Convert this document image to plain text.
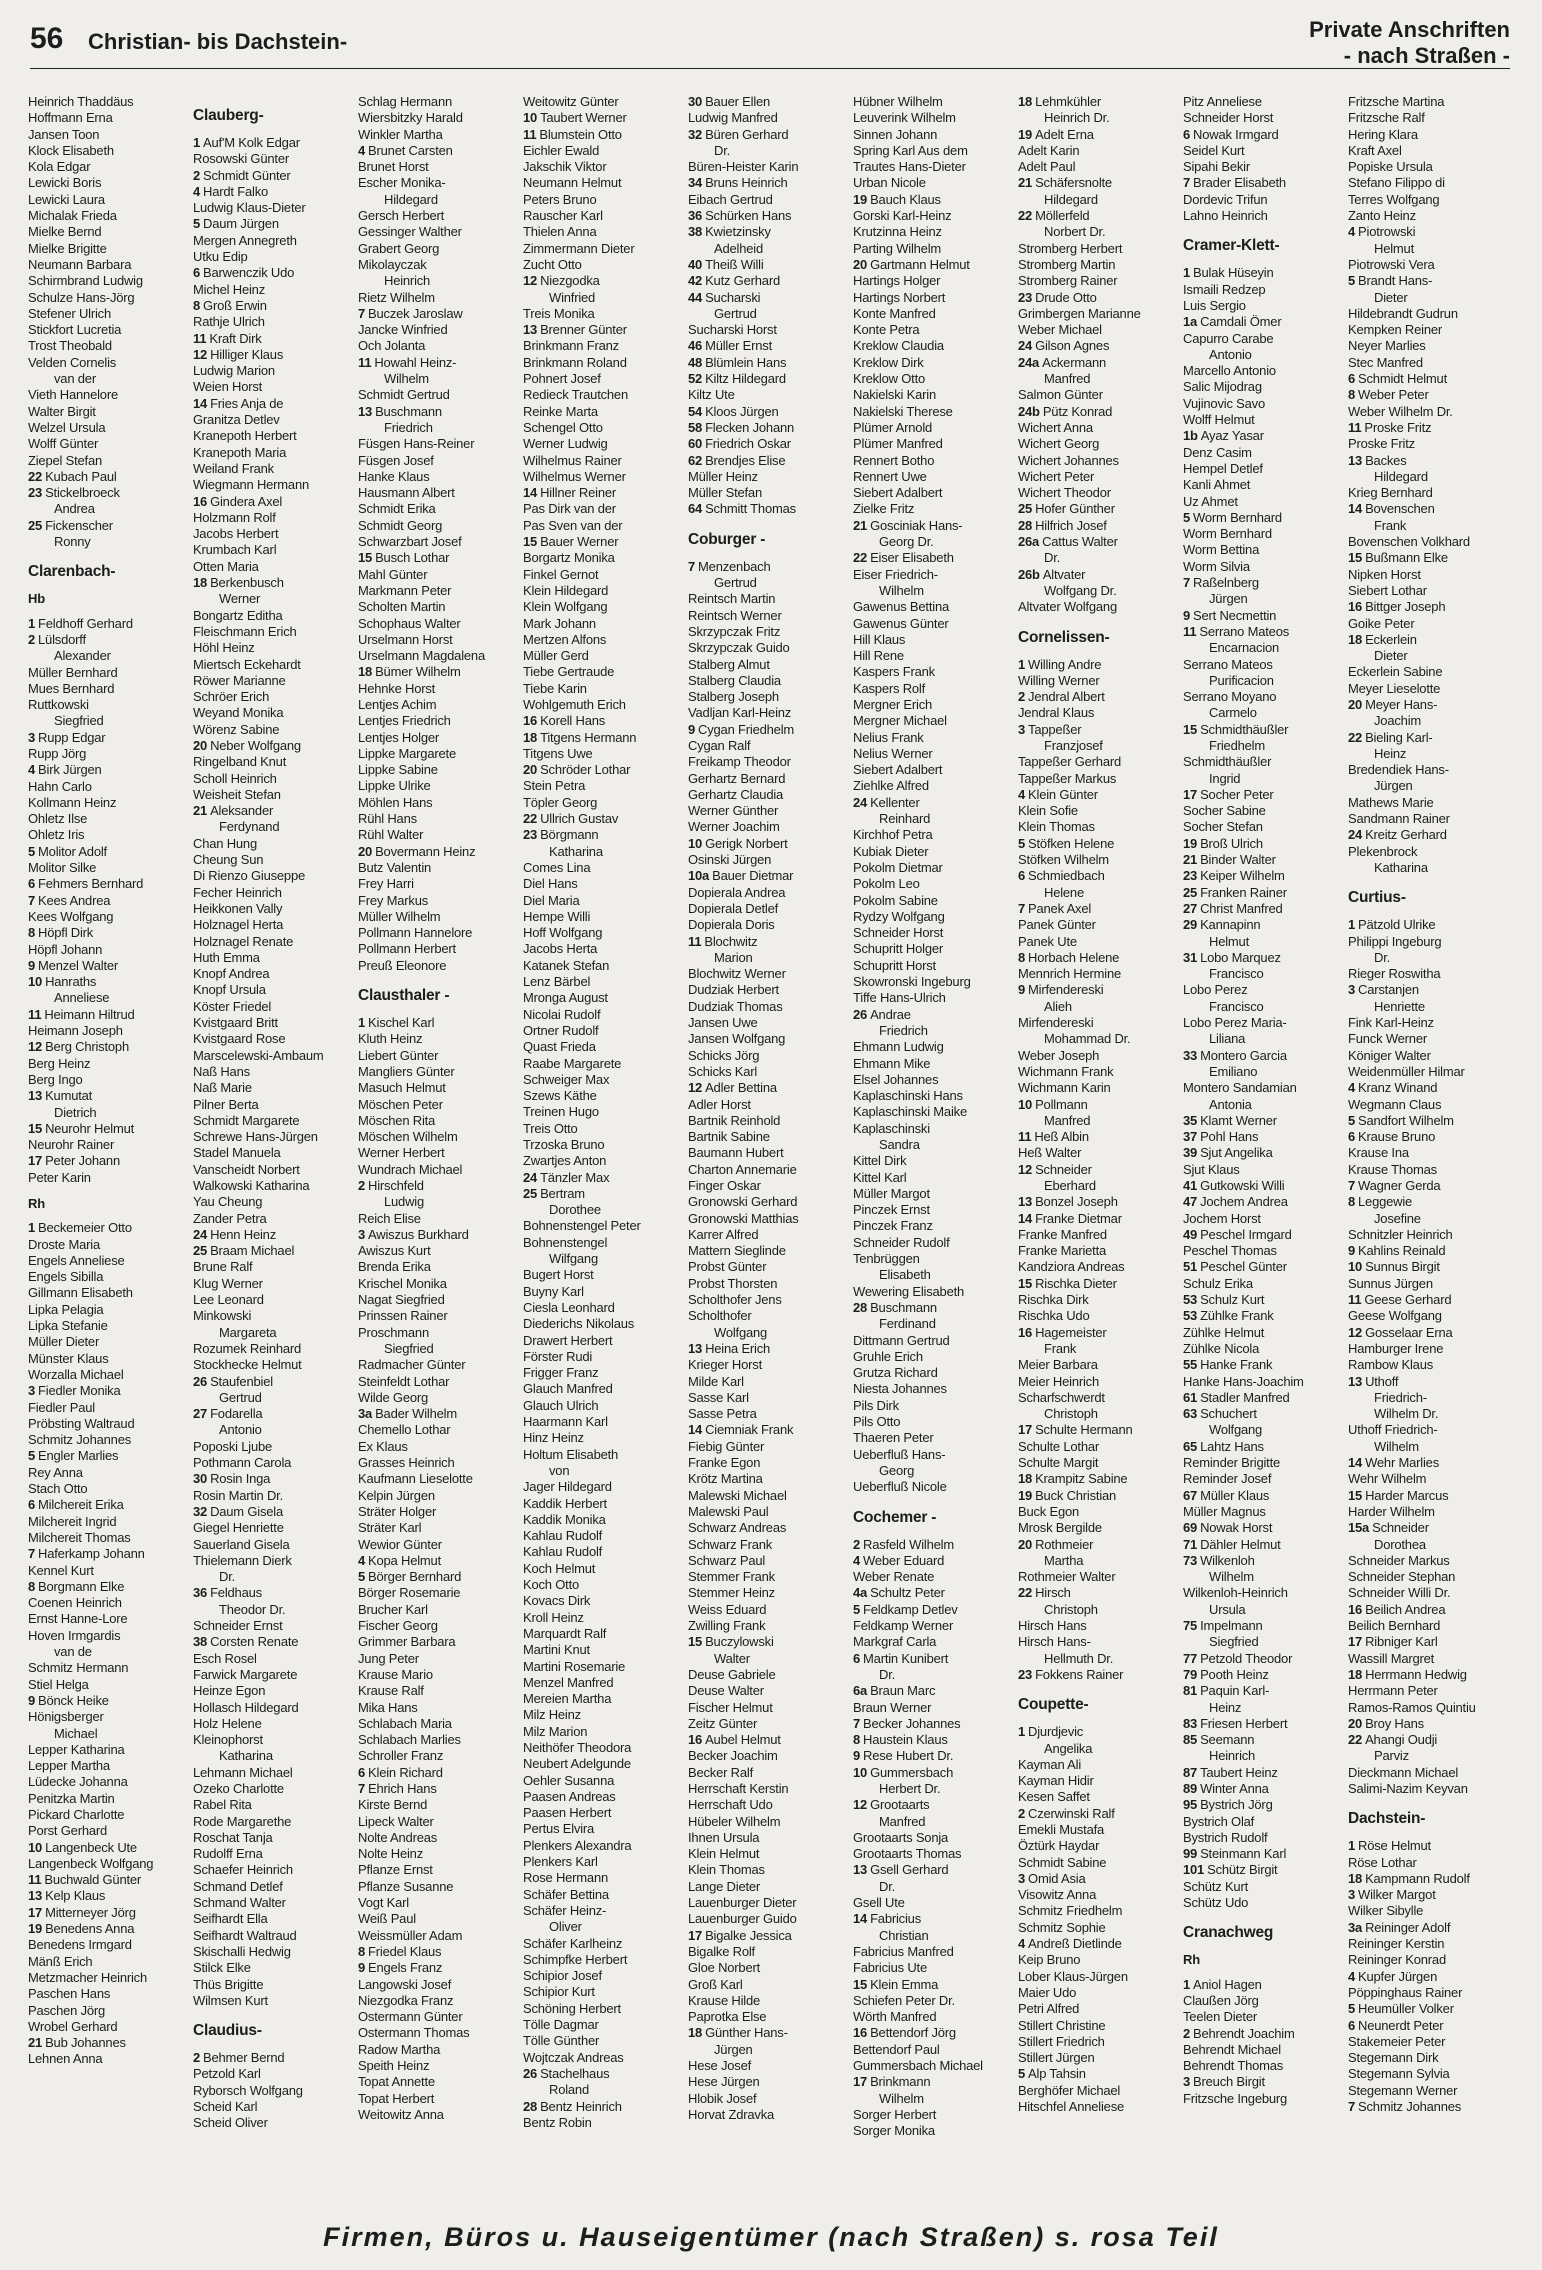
56 Christian- bis Dachstein-	Private Anschriften
- nach Straßen -
Heinrich Thaddäus
Hoffmann Erna
Jansen Toon
Klock Elisabeth
Kola Edgar
Lewicki Boris
Lewicki Laura
Michalak Frieda
Mielke Bernd
Mielke Brigitte
Neumann Barbara
Schirmbrand Ludwig
Schulze Hans-Jörg
Stefener Ulrich
Stickfort Lucretia
Trost Theobald
Velden Cornelis
van der
Vieth Hannelore
Walter Birgit
Welzel Ursula
Wolff Günter
Ziepel Stefan
22 Kubach Paul
23 Stickelbroeck
Andrea
25 Fickenscher
Ronny
Clarenbach-
Hb
1 Feldhoff Gerhard
2 Lülsdorff
Alexander
Müller Bernhard
Mues Bernhard
Ruttkowski
Siegfried
3 Rupp Edgar
Rupp Jörg
4 Birk Jürgen
Hahn Carlo
Kollmann Heinz
Ohletz Ilse
Ohletz Iris
5 Molitor Adolf
Molitor Silke
6 Fehmers Bernhard
7 Kees Andrea
Kees Wolfgang
8 Höpfl Dirk
Höpfl Johann
9 Menzel Walter
10 Hanraths
Anneliese
11 Heimann Hiltrud
Heimann Joseph
12 Berg Christoph
Berg Heinz
Berg Ingo
13 Kumutat
Dietrich
15 Neurohr Helmut
Neurohr Rainer
17 Peter Johann
Peter Karin
Rh
1 Beckemeier Otto
Droste Maria
Engels Anneliese
Engels Sibilla
Gillmann Elisabeth
Lipka Pelagia
Lipka Stefanie
Müller Dieter
Münster Klaus
Worzalla Michael
3 Fiedler Monika
Fiedler Paul
Pröbsting Waltraud
Schmitz Johannes
5 Engler Marlies
Rey Anna
Stach Otto
6 Milchereit Erika
Milchereit Ingrid
Milchereit Thomas
7 Haferkamp Johann
Kennel Kurt
8 Borgmann Elke
Coenen Heinrich
Ernst Hanne-Lore
Hoven Irmgardis
van de
Schmitz Hermann
Stiel Helga
9 Bönck Heike
Hönigsberger
Michael
Lepper Katharina
Lepper Martha
Lüdecke Johanna
Penitzka Martin
Pickard Charlotte
Porst Gerhard
10 Langenbeck Ute
Langenbeck Wolfgang
11 Buchwald Günter
13 Kelp Klaus
17 Mitterneyer Jörg
19 Benedens Anna
Benedens Irmgard
Mänß Erich
Metzmacher Heinrich
Paschen Hans
Paschen Jörg
Wrobel Gerhard
21 Bub Johannes
Lehnen Anna
Clauberg-
1 Auf'M Kolk Edgar
Rosowski Günter
2 Schmidt Günter
4 Hardt Falko
Ludwig Klaus-Dieter
5 Daum Jürgen
Mergen Annegreth
Utku Edip
6 Barwenczik Udo
Michel Heinz
8 Groß Erwin
Rathje Ulrich
11 Kraft Dirk
12 Hilliger Klaus
Ludwig Marion
Weien Horst
14 Fries Anja de
Granitza Detlev
Kranepoth Herbert
Kranepoth Maria
Weiland Frank
Wiegmann Hermann
16 Gindera Axel
Holzmann Rolf
Jacobs Herbert
Krumbach Karl
Otten Maria
18 Berkenbusch
Werner
Bongartz Editha
Fleischmann Erich
Höhl Heinz
Miertsch Eckehardt
Röwer Marianne
Schröer Erich
Weyand Monika
Wörenz Sabine
20 Neber Wolfgang
Ringelband Knut
Scholl Heinrich
Weisheit Stefan
21 Aleksander
Ferdynand
Chan Hung
Cheung Sun
Di Rienzo Giuseppe
Fecher Heinrich
Heikkonen Vally
Holznagel Herta
Holznagel Renate
Huth Emma
Knopf Andrea
Knopf Ursula
Köster Friedel
Kvistgaard Britt
Kvistgaard Rose
Marscelewski-Ambaum
Naß Hans
Naß Marie
Pilner Berta
Schmidt Margarete
Schrewe Hans-Jürgen
Stadel Manuela
Vanscheidt Norbert
Walkowski Katharina
Yau Cheung
Zander Petra
24 Henn Heinz
25 Braam Michael
Brune Ralf
Klug Werner
Lee Leonard
Minkowski
Margareta
Rozumek Reinhard
Stockhecke Helmut
26 Staufenbiel
Gertrud
27 Fodarella
Antonio
Poposki Ljube
Pothmann Carola
30 Rosin Inga
Rosin Martin Dr.
32 Daum Gisela
Giegel Henriette
Sauerland Gisela
Thielemann Dierk
Dr.
36 Feldhaus
Theodor Dr.
Schneider Ernst
38 Corsten Renate
Esch Rosel
Farwick Margarete
Heinze Egon
Hollasch Hildegard
Holz Helene
Kleinophorst
Katharina
Lehmann Michael
Ozeko Charlotte
Rabel Rita
Rode Margarethe
Roschat Tanja
Rudolff Erna
Schaefer Heinrich
Schmand Detlef
Schmand Walter
Seifhardt Ella
Seifhardt Waltraud
Skischalli Hedwig
Stilck Elke
Thüs Brigitte
Wilmsen Kurt
Claudius-
2 Behmer Bernd
Petzold Karl
Ryborsch Wolfgang
Scheid Karl
Scheid Oliver
Schlag Hermann
Wiersbitzky Harald
Winkler Martha
4 Brunet Carsten
Brunet Horst
Escher Monika-
Hildegard
Gersch Herbert
Gessinger Walther
Grabert Georg
Mikolayczak
Heinrich
Rietz Wilhelm
7 Buczek Jaroslaw
Jancke Winfried
Och Jolanta
11 Howahl Heinz-
Wilhelm
Schmidt Gertrud
13 Buschmann
Friedrich
Füsgen Hans-Reiner
Füsgen Josef
Hanke Klaus
Hausmann Albert
Schmidt Erika
Schmidt Georg
Schwarzbart Josef
15 Busch Lothar
Mahl Günter
Markmann Peter
Scholten Martin
Schophaus Walter
Urselmann Horst
Urselmann Magdalena
18 Bümer Wilhelm
Hehnke Horst
Lentjes Achim
Lentjes Friedrich
Lentjes Holger
Lippke Margarete
Lippke Sabine
Lippke Ulrike
Möhlen Hans
Rühl Hans
Rühl Walter
20 Bovermann Heinz
Butz Valentin
Frey Harri
Frey Markus
Müller Wilhelm
Pollmann Hannelore
Pollmann Herbert
Preuß Eleonore
Clausthaler -
1 Kischel Karl
Kluth Heinz
Liebert Günter
Mangliers Günter
Masuch Helmut
Möschen Peter
Möschen Rita
Möschen Wilhelm
Werner Herbert
Wundrach Michael
2 Hirschfeld
Ludwig
Reich Elise
3 Awiszus Burkhard
Awiszus Kurt
Brenda Erika
Krischel Monika
Nagat Siegfried
Prinssen Rainer
Proschmann
Siegfried
Radmacher Günter
Steinfeldt Lothar
Wilde Georg
3a Bader Wilhelm
Chemello Lothar
Ex Klaus
Grasses Heinrich
Kaufmann Lieselotte
Kelpin Jürgen
Sträter Holger
Sträter Karl
Wewior Günter
4 Kopa Helmut
5 Börger Bernhard
Börger Rosemarie
Brucher Karl
Fischer Georg
Grimmer Barbara
Jung Peter
Krause Mario
Krause Ralf
Mika Hans
Schlabach Maria
Schlabach Marlies
Schroller Franz
6 Klein Richard
7 Ehrich Hans
Kirste Bernd
Lipeck Walter
Nolte Andreas
Nolte Heinz
Pflanze Ernst
Pflanze Susanne
Vogt Karl
Weiß Paul
Weissmüller Adam
8 Friedel Klaus
9 Engels Franz
Langowski Josef
Niezgodka Franz
Ostermann Günter
Ostermann Thomas
Radow Martha
Speith Heinz
Topat Annette
Topat Herbert
Weitowitz Anna
Weitowitz Günter
10 Taubert Werner
11 Blumstein Otto
Eichler Ewald
Jakschik Viktor
Neumann Helmut
Peters Bruno
Rauscher Karl
Thielen Anna
Zimmermann Dieter
Zucht Otto
12 Niezgodka
Winfried
Treis Monika
13 Brenner Günter
Brinkmann Franz
Brinkmann Roland
Pohnert Josef
Redieck Trautchen
Reinke Marta
Schengel Otto
Werner Ludwig
Wilhelmus Rainer
Wilhelmus Werner
14 Hillner Reiner
Pas Dirk van der
Pas Sven van der
15 Bauer Werner
Borgartz Monika
Finkel Gernot
Klein Hildegard
Klein Wolfgang
Mark Johann
Mertzen Alfons
Müller Gerd
Tiebe Gertraude
Tiebe Karin
Wohlgemuth Erich
16 Korell Hans
18 Titgens Hermann
Titgens Uwe
20 Schröder Lothar
Stein Petra
Töpler Georg
22 Ullrich Gustav
23 Börgmann
Katharina
Comes Lina
Diel Hans
Diel Maria
Hempe Willi
Hoff Wolfgang
Jacobs Herta
Katanek Stefan
Lenz Bärbel
Mronga August
Nicolai Rudolf
Ortner Rudolf
Quast Frieda
Raabe Margarete
Schweiger Max
Szews Käthe
Treinen Hugo
Treis Otto
Trzoska Bruno
Zwartjes Anton
24 Tänzler Max
25 Bertram
Dorothee
Bohnenstengel Peter
Bohnenstengel
Wilfgang
Bugert Horst
Buyny Karl
Ciesla Leonhard
Diederichs Nikolaus
Drawert Herbert
Förster Rudi
Frigger Franz
Glauch Manfred
Glauch Ulrich
Haarmann Karl
Hinz Heinz
Holtum Elisabeth
von
Jager Hildegard
Kaddik Herbert
Kaddik Monika
Kahlau Rudolf
Kahlau Rudolf
Koch Helmut
Koch Otto
Kovacs Dirk
Kroll Heinz
Marquardt Ralf
Martini Knut
Martini Rosemarie
Menzel Manfred
Mereien Martha
Milz Heinz
Milz Marion
Neithöfer Theodora
Neubert Adelgunde
Oehler Susanna
Paasen Andreas
Paasen Herbert
Pertus Elvira
Plenkers Alexandra
Plenkers Karl
Rose Hermann
Schäfer Bettina
Schäfer Heinz-
Oliver
Schäfer Karlheinz
Schimpfke Herbert
Schipior Josef
Schipior Kurt
Schöning Herbert
Tölle Dagmar
Tölle Günther
Wojtczak Andreas
26 Stachelhaus
Roland
28 Bentz Heinrich
Bentz Robin
30 Bauer Ellen
Ludwig Manfred
32 Büren Gerhard
Dr.
Büren-Heister Karin
34 Bruns Heinrich
Eibach Gertrud
36 Schürken Hans
38 Kwietzinsky
Adelheid
40 Theiß Willi
42 Kutz Gerhard
44 Sucharski
Gertrud
Sucharski Horst
46 Müller Ernst
48 Blümlein Hans
52 Kiltz Hildegard
Kiltz Ute
54 Kloos Jürgen
58 Flecken Johann
60 Friedrich Oskar
62 Brendjes Elise
Müller Heinz
Müller Stefan
64 Schmitt Thomas
Coburger -
7 Menzenbach
Gertrud
Reintsch Martin
Reintsch Werner
Skrzypczak Fritz
Skrzypczak Guido
Stalberg Almut
Stalberg Claudia
Stalberg Joseph
Vadljan Karl-Heinz
9 Cygan Friedhelm
Cygan Ralf
Freikamp Theodor
Gerhartz Bernard
Gerhartz Claudia
Werner Günther
Werner Joachim
10 Gerigk Norbert
Osinski Jürgen
10a Bauer Dietmar
Dopierala Andrea
Dopierala Detlef
Dopierala Doris
11 Blochwitz
Marion
Blochwitz Werner
Dudziak Herbert
Dudziak Thomas
Jansen Uwe
Jansen Wolfgang
Schicks Jörg
Schicks Karl
12 Adler Bettina
Adler Horst
Bartnik Reinhold
Bartnik Sabine
Baumann Hubert
Charton Annemarie
Finger Oskar
Gronowski Gerhard
Gronowski Matthias
Karrer Alfred
Mattern Sieglinde
Probst Günter
Probst Thorsten
Scholthofer Jens
Scholthofer
Wolfgang
13 Heina Erich
Krieger Horst
Milde Karl
Sasse Karl
Sasse Petra
14 Ciemniak Frank
Fiebig Günter
Franke Egon
Krötz Martina
Malewski Michael
Malewski Paul
Schwarz Andreas
Schwarz Frank
Schwarz Paul
Stemmer Frank
Stemmer Heinz
Weiss Eduard
Zwilling Frank
15 Buczylowski
Walter
Deuse Gabriele
Deuse Walter
Fischer Helmut
Zeitz Günter
16 Aubel Helmut
Becker Joachim
Becker Ralf
Herrschaft Kerstin
Herrschaft Udo
Hübeler Wilhelm
Ihnen Ursula
Klein Helmut
Klein Thomas
Lange Dieter
Lauenburger Dieter
Lauenburger Guido
17 Bigalke Jessica
Bigalke Rolf
Gloe Norbert
Groß Karl
Krause Hilde
Paprotka Else
18 Günther Hans-
Jürgen
Hese Josef
Hese Jürgen
Hlobik Josef
Horvat Zdravka
Hübner Wilhelm
Leuverink Wilhelm
Sinnen Johann
Spring Karl Aus dem
Trautes Hans-Dieter
Urban Nicole
19 Bauch Klaus
Gorski Karl-Heinz
Krutzinna Heinz
Parting Wilhelm
20 Gartmann Helmut
Hartings Holger
Hartings Norbert
Konte Manfred
Konte Petra
Kreklow Claudia
Kreklow Dirk
Kreklow Otto
Nakielski Karin
Nakielski Therese
Plümer Arnold
Plümer Manfred
Rennert Botho
Rennert Uwe
Siebert Adalbert
Zielke Fritz
21 Gosciniak Hans-
Georg Dr.
22 Eiser Elisabeth
Eiser Friedrich-
Wilhelm
Gawenus Bettina
Gawenus Günter
Hill Klaus
Hill Rene
Kaspers Frank
Kaspers Rolf
Mergner Erich
Mergner Michael
Nelius Frank
Nelius Werner
Siebert Adalbert
Ziehlke Alfred
24 Kellenter
Reinhard
Kirchhof Petra
Kubiak Dieter
Pokolm Dietmar
Pokolm Leo
Pokolm Sabine
Rydzy Wolfgang
Schneider Horst
Schupritt Holger
Schupritt Horst
Skowronski Ingeburg
Tiffe Hans-Ulrich
26 Andrae
Friedrich
Ehmann Ludwig
Ehmann Mike
Elsel Johannes
Kaplaschinski Hans
Kaplaschinski Maike
Kaplaschinski
Sandra
Kittel Dirk
Kittel Karl
Müller Margot
Pinczek Ernst
Pinczek Franz
Schneider Rudolf
Tenbrüggen
Elisabeth
Wewering Elisabeth
28 Buschmann
Ferdinand
Dittmann Gertrud
Gruhle Erich
Grutza Richard
Niesta Johannes
Pils Dirk
Pils Otto
Thaeren Peter
Ueberfluß Hans-
Georg
Ueberfluß Nicole
Cochemer -
2 Rasfeld Wilhelm
4 Weber Eduard
Weber Renate
4a Schultz Peter
5 Feldkamp Detlev
Feldkamp Werner
Markgraf Carla
6 Martin Kunibert
Dr.
6a Braun Marc
Braun Werner
7 Becker Johannes
8 Haustein Klaus
9 Rese Hubert Dr.
10 Gummersbach
Herbert Dr.
12 Grootaarts
Manfred
Grootaarts Sonja
Grootaarts Thomas
13 Gsell Gerhard
Dr.
Gsell Ute
14 Fabricius
Christian
Fabricius Manfred
Fabricius Ute
15 Klein Emma
Schiefen Peter Dr.
Wörth Manfred
16 Bettendorf Jörg
Bettendorf Paul
Gummersbach Michael
17 Brinkmann
Wilhelm
Sorger Herbert
Sorger Monika
18 Lehmkühler
Heinrich Dr.
19 Adelt Erna
Adelt Karin
Adelt Paul
21 Schäfersnolte
Hildegard
22 Möllerfeld
Norbert Dr.
Stromberg Herbert
Stromberg Martin
Stromberg Rainer
23 Drude Otto
Grimbergen Marianne
Weber Michael
24 Gilson Agnes
24a Ackermann
Manfred
Salmon Günter
24b Pütz Konrad
Wichert Anna
Wichert Georg
Wichert Johannes
Wichert Peter
Wichert Theodor
25 Hofer Günther
28 Hilfrich Josef
26a Cattus Walter
Dr.
26b Altvater
Wolfgang Dr.
Altvater Wolfgang
Cornelissen-
1 Willing Andre
Willing Werner
2 Jendral Albert
Jendral Klaus
3 Tappeßer
Franzjosef
Tappeßer Gerhard
Tappeßer Markus
4 Klein Günter
Klein Sofie
Klein Thomas
5 Stöfken Helene
Stöfken Wilhelm
6 Schmiedbach
Helene
7 Panek Axel
Panek Günter
Panek Ute
8 Horbach Helene
Mennrich Hermine
9 Mirfendereski
Alieh
Mirfendereski
Mohammad Dr.
Weber Joseph
Wichmann Frank
Wichmann Karin
10 Pollmann
Manfred
11 Heß Albin
Heß Walter
12 Schneider
Eberhard
13 Bonzel Joseph
14 Franke Dietmar
Franke Manfred
Franke Marietta
Kandziora Andreas
15 Rischka Dieter
Rischka Dirk
Rischka Udo
16 Hagemeister
Frank
Meier Barbara
Meier Heinrich
Scharfschwerdt
Christoph
17 Schulte Hermann
Schulte Lothar
Schulte Margit
18 Krampitz Sabine
19 Buck Christian
Buck Egon
Mrosk Bergilde
20 Rothmeier
Martha
Rothmeier Walter
22 Hirsch
Christoph
Hirsch Hans
Hirsch Hans-
Hellmuth Dr.
23 Fokkens Rainer
Coupette-
1 Djurdjevic
Angelika
Kayman Ali
Kayman Hidir
Kesen Saffet
2 Czerwinski Ralf
Emekli Mustafa
Öztürk Haydar
Schmidt Sabine
3 Omid Asia
Visowitz Anna
Schmitz Friedhelm
Schmitz Sophie
4 Andreß Dietlinde
Keip Bruno
Lober Klaus-Jürgen
Maier Udo
Petri Alfred
Stillert Christine
Stillert Friedrich
Stillert Jürgen
5 Alp Tahsin
Berghöfer Michael
Hitschfel Anneliese
Pitz Anneliese
Schneider Horst
6 Nowak Irmgard
Seidel Kurt
Sipahi Bekir
7 Brader Elisabeth
Dordevic Trifun
Lahno Heinrich
Cramer-Klett-
1 Bulak Hüseyin
Ismaili Redzep
Luis Sergio
1a Camdali Ömer
Capurro Carabe
Antonio
Marcello Antonio
Salic Mijodrag
Vujinovic Savo
Wolff Helmut
1b Ayaz Yasar
Denz Casim
Hempel Detlef
Kanli Ahmet
Uz Ahmet
5 Worm Bernhard
Worm Bernhard
Worm Bettina
Worm Silvia
7 Raßelnberg
Jürgen
9 Sert Necmettin
11 Serrano Mateos
Encarnacion
Serrano Mateos
Purificacion
Serrano Moyano
Carmelo
15 Schmidthäußler
Friedhelm
Schmidthäußler
Ingrid
17 Socher Peter
Socher Sabine
Socher Stefan
19 Broß Ulrich
21 Binder Walter
23 Keiper Wilhelm
25 Franken Rainer
27 Christ Manfred
29 Kannapinn
Helmut
31 Lobo Marquez
Francisco
Lobo Perez
Francisco
Lobo Perez Maria-
Liliana
33 Montero Garcia
Emiliano
Montero Sandamian
Antonia
35 Klamt Werner
37 Pohl Hans
39 Sjut Angelika
Sjut Klaus
41 Gutkowski Willi
47 Jochem Andrea
Jochem Horst
49 Peschel Irmgard
Peschel Thomas
51 Peschel Günter
Schulz Erika
53 Schulz Kurt
53 Zühlke Frank
Zühlke Helmut
Zühlke Nicola
55 Hanke Frank
Hanke Hans-Joachim
61 Stadler Manfred
63 Schuchert
Wolfgang
65 Lahtz Hans
Reminder Brigitte
Reminder Josef
67 Müller Klaus
Müller Magnus
69 Nowak Horst
71 Dähler Helmut
73 Wilkenloh
Wilhelm
Wilkenloh-Heinrich
Ursula
75 Impelmann
Siegfried
77 Petzold Theodor
79 Pooth Heinz
81 Paquin Karl-
Heinz
83 Friesen Herbert
85 Seemann
Heinrich
87 Taubert Heinz
89 Winter Anna
95 Bystrich Jörg
Bystrich Olaf
Bystrich Rudolf
99 Steinmann Karl
101 Schütz Birgit
Schütz Kurt
Schütz Udo
Cranachweg
Rh
1 Aniol Hagen
Claußen Jörg
Teelen Dieter
2 Behrendt Joachim
Behrendt Michael
Behrendt Thomas
3 Breuch Birgit
Fritzsche Ingeburg
Fritzsche Martina
Fritzsche Ralf
Hering Klara
Kraft Axel
Popiske Ursula
Stefano Filippo di
Terres Wolfgang
Zanto Heinz
4 Piotrowski
Helmut
Piotrowski Vera
5 Brandt Hans-
Dieter
Hildebrandt Gudrun
Kempken Reiner
Neyer Marlies
Stec Manfred
6 Schmidt Helmut
8 Weber Peter
Weber Wilhelm Dr.
11 Proske Fritz
Proske Fritz
13 Backes
Hildegard
Krieg Bernhard
14 Bovenschen
Frank
Bovenschen Volkhard
15 Bußmann Elke
Nipken Horst
Siebert Lothar
16 Bittger Joseph
Goike Peter
18 Eckerlein
Dieter
Eckerlein Sabine
Meyer Lieselotte
20 Meyer Hans-
Joachim
22 Bieling Karl-
Heinz
Bredendiek Hans-
Jürgen
Mathews Marie
Sandmann Rainer
24 Kreitz Gerhard
Plekenbrock
Katharina
Curtius-
1 Pätzold Ulrike
Philippi Ingeburg
Dr.
Rieger Roswitha
3 Carstanjen
Henriette
Fink Karl-Heinz
Funck Werner
Königer Walter
Weidenmüller Hilmar
4 Kranz Winand
Wegmann Claus
5 Sandfort Wilhelm
6 Krause Bruno
Krause Ina
Krause Thomas
7 Wagner Gerda
8 Leggewie
Josefine
Schnitzler Heinrich
9 Kahlins Reinald
10 Sunnus Birgit
Sunnus Jürgen
11 Geese Gerhard
Geese Wolfgang
12 Gosselaar Erna
Hamburger Irene
Rambow Klaus
13 Uthoff
Friedrich-
Wilhelm Dr.
Uthoff Friedrich-
Wilhelm
14 Wehr Marlies
Wehr Wilhelm
15 Harder Marcus
Harder Wilhelm
15a Schneider
Dorothea
Schneider Markus
Schneider Stephan
Schneider Willi Dr.
16 Beilich Andrea
Beilich Bernhard
17 Ribniger Karl
Wassill Margret
18 Herrmann Hedwig
Herrmann Peter
Ramos-Ramos Quintiu
20 Broy Hans
22 Ahangi Oudji
Parviz
Dieckmann Michael
Salimi-Nazim Keyvan
Dachstein-
1 Röse Helmut
Röse Lothar
18 Kampmann Rudolf
3 Wilker Margot
Wilker Sibylle
3a Reininger Adolf
Reininger Kerstin
Reininger Konrad
4 Kupfer Jürgen
Pöppinghaus Rainer
5 Heumüller Volker
6 Neunerdt Peter
Stakemeier Peter
Stegemann Dirk
Stegemann Sylvia
Stegemann Werner
7 Schmitz Johannes
Firmen, Büros u. Hauseigentümer (nach Straßen) s. rosa Teil
